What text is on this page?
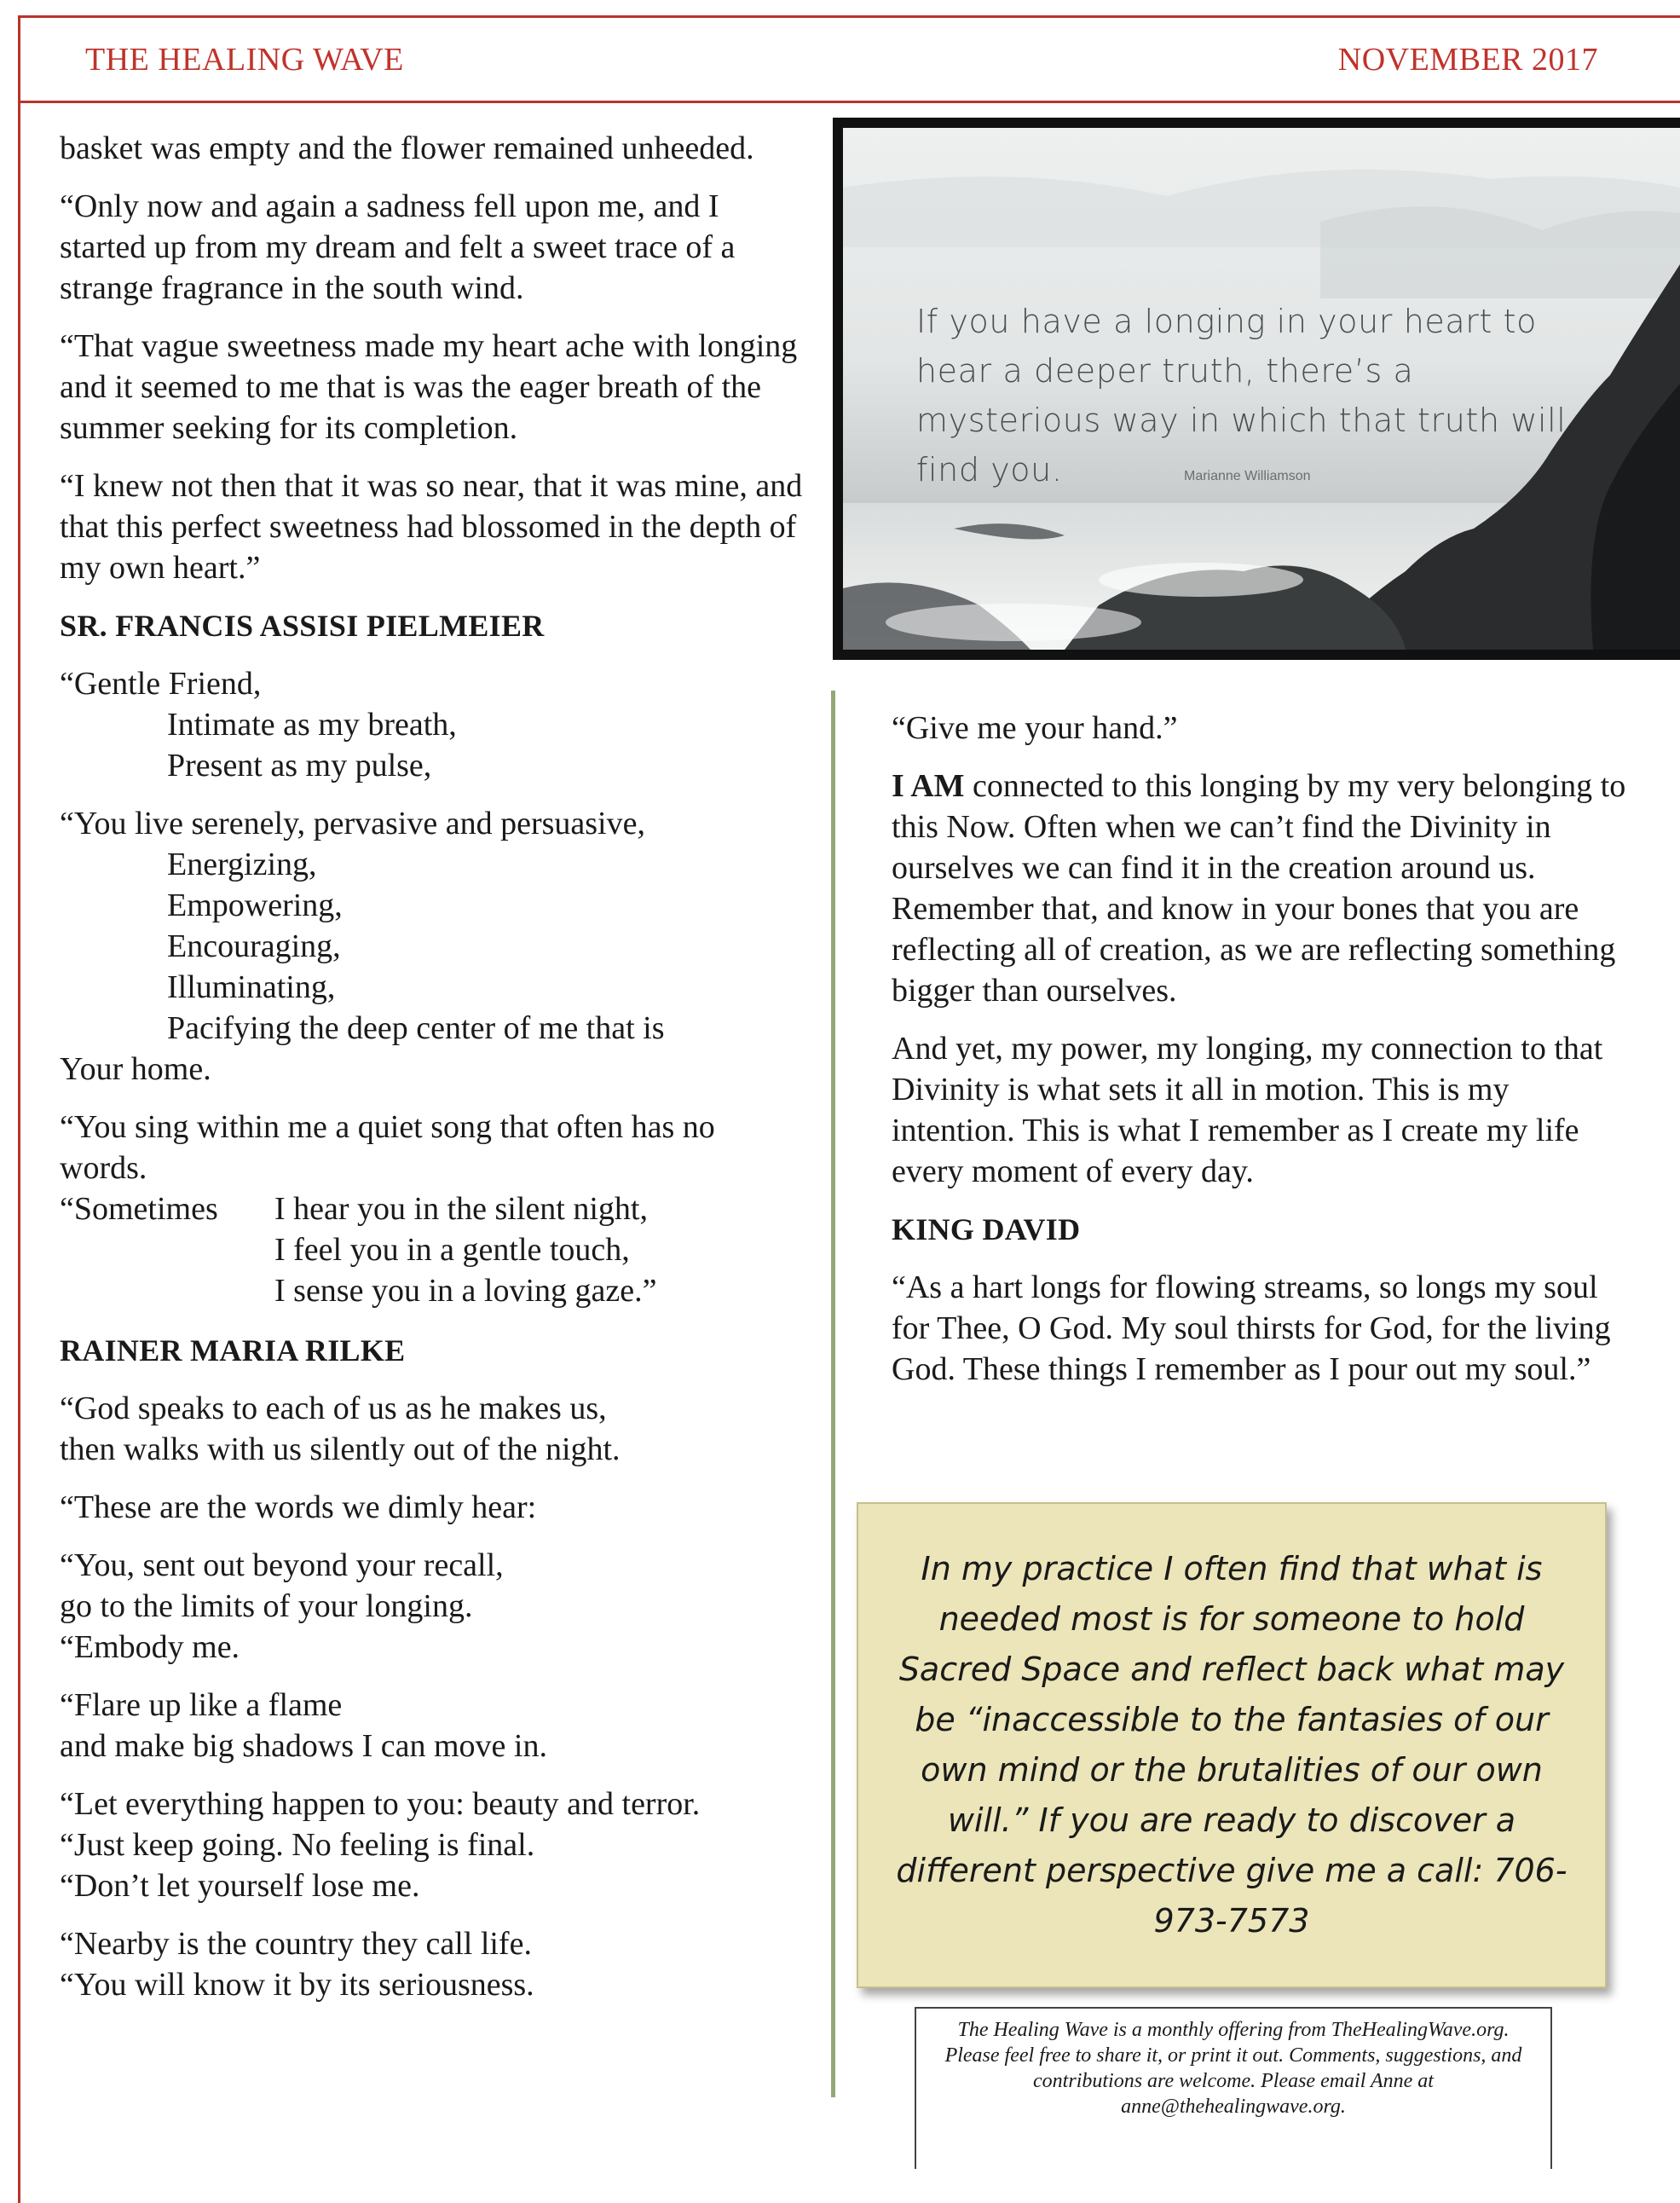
THE HEALING WAVE	NOVEMBER 2017

basket was empty and the flower remained unheeded.

“Only now and again a sadness fell upon me, and I started up from my dream and felt a sweet trace of a strange fragrance in the south wind.

“That vague sweetness made my heart ache with longing and it seemed to me that is was the eager breath of the summer seeking for its completion.

“I knew not then that it was so near, that it was mine, and that this perfect sweetness had blossomed in the depth of my own heart.”

SR. FRANCIS ASSISI PIELMEIER

“Gentle Friend,
Intimate as my breath,
Present as my pulse,

“You live serenely, pervasive and persuasive,
Energizing,
Empowering,
Encouraging,
Illuminating,
Pacifying the deep center of me that is
Your home.

“You sing within me a quiet song that often has no words.
“Sometimes I hear you in the silent night,
I feel you in a gentle touch,
I sense you in a loving gaze.”

RAINER MARIA RILKE

“God speaks to each of us as he makes us,
then walks with us silently out of the night.

“These are the words we dimly hear:

“You, sent out beyond your recall,
go to the limits of your longing.
“Embody me.

“Flare up like a flame
and make big shadows I can move in.

“Let everything happen to you: beauty and terror.
“Just keep going. No feeling is final.
“Don’t let yourself lose me.

“Nearby is the country they call life.
“You will know it by its seriousness.

If you have a longing in your heart to hear a deeper truth, there’s a mysterious way in which that truth will find you.	Marianne Williamson

“Give me your hand.”

I AM connected to this longing by my very belonging to this Now. Often when we can’t find the Divinity in ourselves we can find it in the creation around us. Remember that, and know in your bones that you are reflecting all of creation, as we are reflecting something bigger than ourselves.

And yet, my power, my longing, my connection to that Divinity is what sets it all in motion. This is my intention. This is what I remember as I create my life every moment of every day.

KING DAVID

“As a hart longs for flowing streams, so longs my soul for Thee, O God. My soul thirsts for God, for the living God. These things I remember as I pour out my soul.”

In my practice I often find that what is needed most is for someone to hold Sacred Space and reflect back what may be “inaccessible to the fantasies of our own mind or the brutalities of our own will.” If you are ready to discover a different perspective give me a call: 706-973-7573
The Healing Wave is a monthly offering from TheHealingWave.org. Please feel free to share it, or print it out. Comments, suggestions, and contributions are welcome. Please email Anne at anne@thehealingwave.org.
